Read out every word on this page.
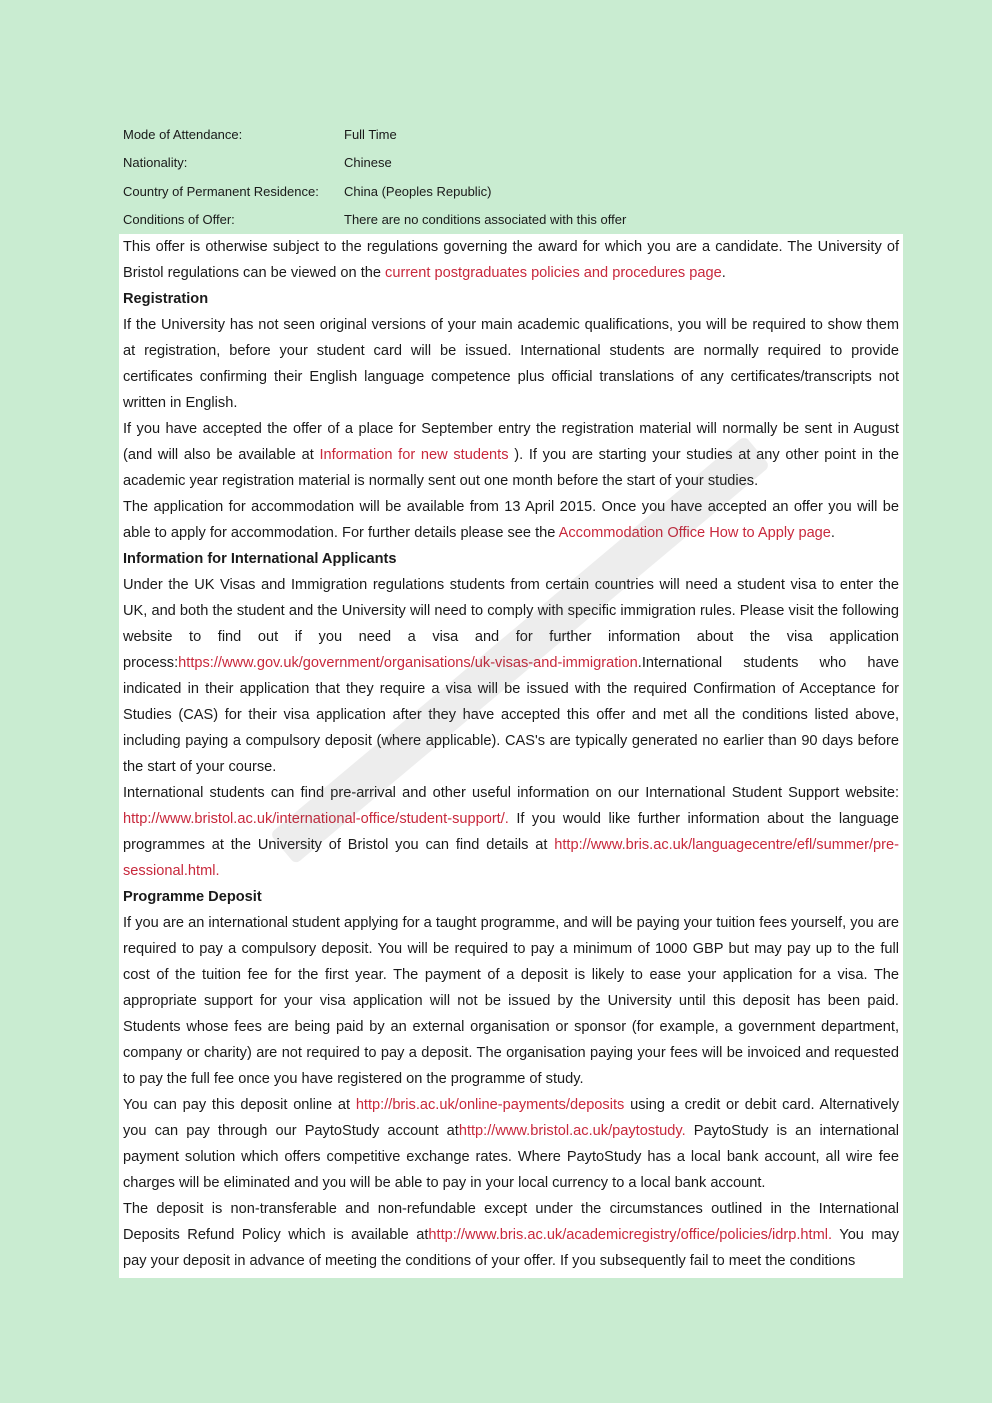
Mode of Attendance:	Full Time
Nationality:	Chinese
Country of Permanent Residence:	China (Peoples Republic)
Conditions of Offer:	There are no conditions associated with this offer

This offer is otherwise subject to the regulations governing the award for which you are a candidate. The University of Bristol regulations can be viewed on the current postgraduates policies and procedures page.

Registration

If the University has not seen original versions of your main academic qualifications, you will be required to show them at registration, before your student card will be issued. International students are normally required to provide certificates confirming their English language competence plus official translations of any certificates/transcripts not written in English.

If you have accepted the offer of a place for September entry the registration material will normally be sent in August (and will also be available at Information for new students ). If you are starting your studies at any other point in the academic year registration material is normally sent out one month before the start of your studies.

The application for accommodation will be available from 13 April 2015. Once you have accepted an offer you will be able to apply for accommodation. For further details please see the Accommodation Office How to Apply page.

Information for International Applicants

Under the UK Visas and Immigration regulations students from certain countries will need a student visa to enter the UK, and both the student and the University will need to comply with specific immigration rules. Please visit the following website to find out if you need a visa and for further information about the visa application process:https://www.gov.uk/government/organisations/uk-visas-and-immigration.International students who have indicated in their application that they require a visa will be issued with the required Confirmation of Acceptance for Studies (CAS) for their visa application after they have accepted this offer and met all the conditions listed above, including paying a compulsory deposit (where applicable). CAS's are typically generated no earlier than 90 days before the start of your course.

International students can find pre-arrival and other useful information on our International Student Support website: http://www.bristol.ac.uk/international-office/student-support/. If you would like further information about the language programmes at the University of Bristol you can find details at http://www.bris.ac.uk/languagecentre/efl/summer/pre-sessional.html.

Programme Deposit

If you are an international student applying for a taught programme, and will be paying your tuition fees yourself, you are required to pay a compulsory deposit. You will be required to pay a minimum of 1000 GBP but may pay up to the full cost of the tuition fee for the first year. The payment of a deposit is likely to ease your application for a visa. The appropriate support for your visa application will not be issued by the University until this deposit has been paid. Students whose fees are being paid by an external organisation or sponsor (for example, a government department, company or charity) are not required to pay a deposit. The organisation paying your fees will be invoiced and requested to pay the full fee once you have registered on the programme of study.

You can pay this deposit online at http://bris.ac.uk/online-payments/deposits using a credit or debit card. Alternatively you can pay through our PaytoStudy account athttp://www.bristol.ac.uk/paytostudy. PaytoStudy is an international payment solution which offers competitive exchange rates. Where PaytoStudy has a local bank account, all wire fee charges will be eliminated and you will be able to pay in your local currency to a local bank account.

The deposit is non-transferable and non-refundable except under the circumstances outlined in the International Deposits Refund Policy which is available athttp://www.bris.ac.uk/academicregistry/office/policies/idrp.html. You may pay your deposit in advance of meeting the conditions of your offer. If you subsequently fail to meet the conditions
